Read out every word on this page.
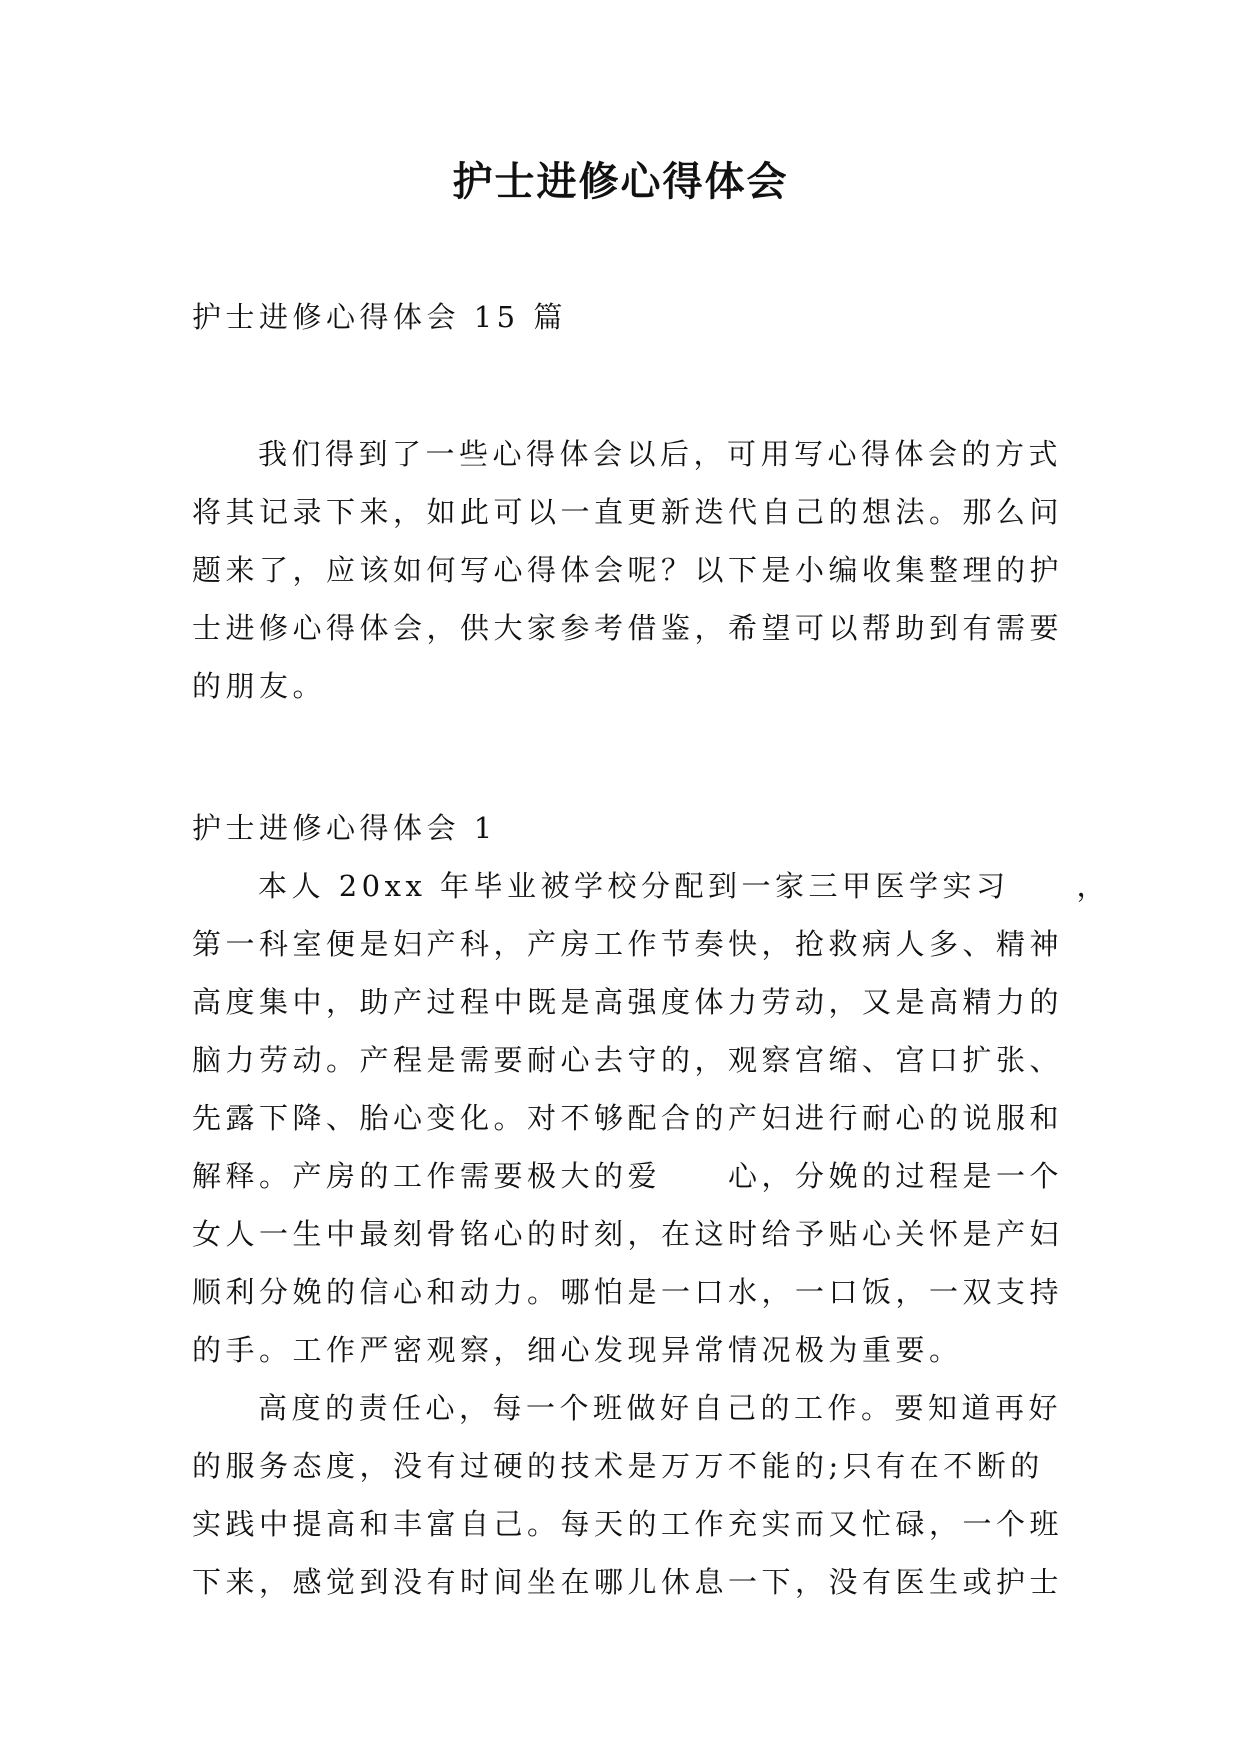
护士进修心得体会

护士进修心得体会 15 篇

我们得到了一些心得体会以后，可用写心得体会的方式

将其记录下来，如此可以一直更新迭代自己的想法。那么问

题来了，应该如何写心得体会呢？以下是小编收集整理的护

士进修心得体会，供大家参考借鉴，希望可以帮助到有需要

的朋友。

护士进修心得体会 1

本人 20xx 年毕业被学校分配到一家三甲医学实习　　，

第一科室便是妇产科，产房工作节奏快，抢救病人多、精神

高度集中，助产过程中既是高强度体力劳动，又是高精力的

脑力劳动。产程是需要耐心去守的，观察宫缩、宫口扩张、

先露下降、胎心变化。对不够配合的产妇进行耐心的说服和

解释。产房的工作需要极大的爱　　心，分娩的过程是一个

女人一生中最刻骨铭心的时刻，在这时给予贴心关怀是产妇

顺利分娩的信心和动力。哪怕是一口水，一口饭，一双支持

的手。工作严密观察，细心发现异常情况极为重要。

高度的责任心，每一个班做好自己的工作。要知道再好

的服务态度，没有过硬的技术是万万不能的;只有在不断的

实践中提高和丰富自己。每天的工作充实而又忙碌，一个班

下来，感觉到没有时间坐在哪儿休息一下，没有医生或护士
